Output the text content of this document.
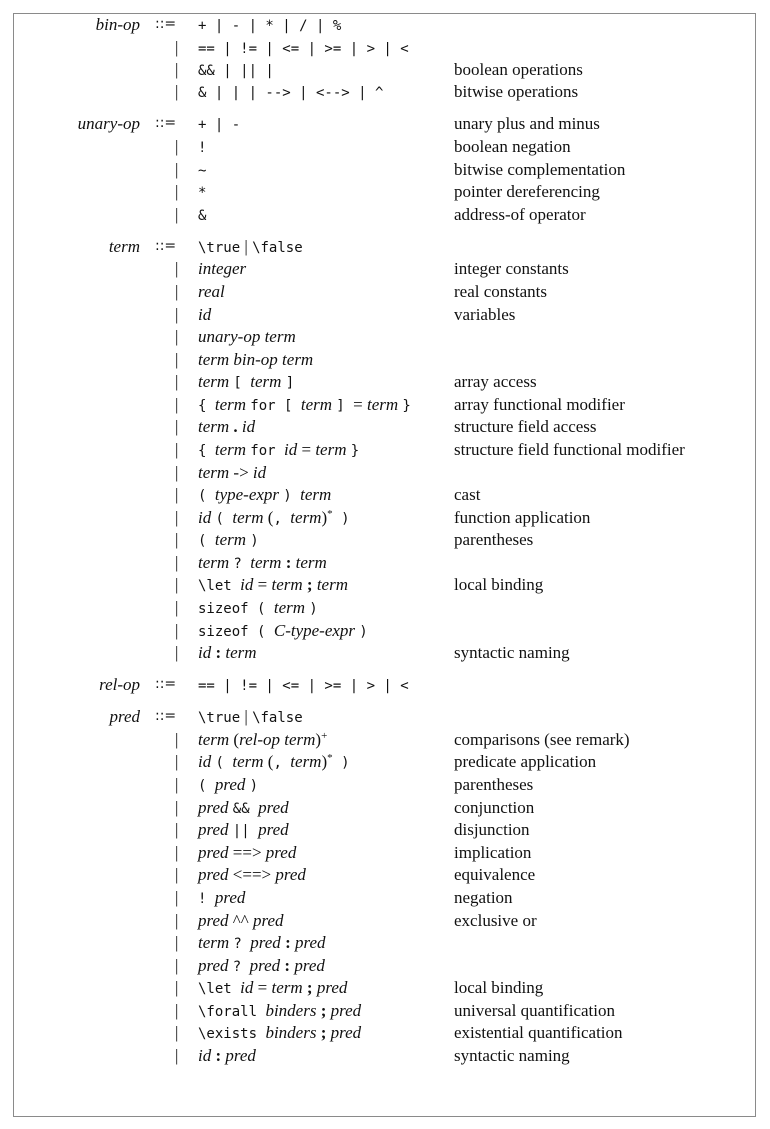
bin-op ::= + | - | * | / | %
| == | != | <= | >= | > | <
| && | || |	boolean operations
| & | | | --> | <--> | ^	bitwise operations
unary-op ::= + | -	unary plus and minus
| !	boolean negation
| ~	bitwise complementation
| *	pointer dereferencing
| &	address-of operator
term ::= \true | \false
| integer	integer constants
| real	real constants
| id	variables
| unary-op term
| term bin-op term
| term [ term ]	array access
| { term for [ term ] = term }	array functional modifier
| term . id	structure field access
| { term for id = term }	structure field functional modifier
| term -> id
| ( type-expr ) term	cast
| id ( term (, term)* )	function application
| ( term )	parentheses
| term ? term : term
| \let id = term ; term	local binding
| sizeof ( term )
| sizeof ( C-type-expr )
| id : term	syntactic naming
rel-op ::= == | != | <= | >= | > | <
pred ::= \true | \false
| term (rel-op term)+	comparisons (see remark)
| id ( term (, term)* )	predicate application
| ( pred )	parentheses
| pred && pred	conjunction
| pred || pred	disjunction
| pred ==> pred	implication
| pred <==> pred	equivalence
| ! pred	negation
| pred ^^ pred	exclusive or
| term ? pred : pred
| pred ? pred : pred
| \let id = term ; pred	local binding
| \forall binders ; pred	universal quantification
| \exists binders ; pred	existential quantification
| id : pred	syntactic naming
